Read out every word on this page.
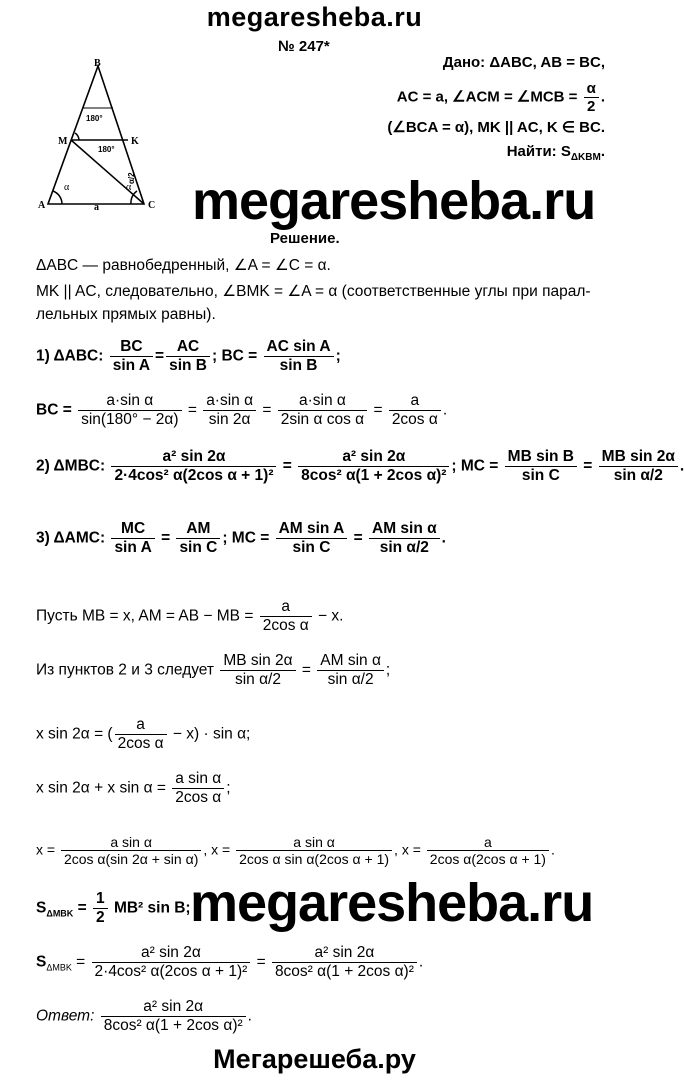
megaresheba.ru
№ 247*
Дано: ΔABC, AB = BC,
AC = a, ∠ACM = ∠MCB = $\frac{\alpha}{2}$ .
(∠BCA = α), MK || AC, K ∈ BC.
Найти: $S_{\Delta KBM}$.
B
M	K
A	C
a
α	α
180°
180°
α/2 megaresheba.ru
Решение.
ΔABC — равнобедренный, ∠A = ∠C = α.
MK || AC, следовательно, ∠BMK = ∠A = α (соответственные углы при парал-
лельных прямых равны).
1) ΔABC: $\frac{BC}{\text{sin A}} = \frac{AC}{\text{sin B}}$ ; BC = $\frac{\text{AC sin A}}{\text{sin B}}$ ;
BC = $\frac{\text{a·sin α}}{\sin(180^\circ - 2\alpha)} = \frac{\text{a·sin α}}{\sin 2\alpha} = \frac{\text{a·sin α}}{\text{2sin α cos α}} = \frac{a}{\text{2cos α}}$ .
2) ΔMBC: $\frac{\text{a² sin 2α}}{\text{2·4cos² α(2cos α + 1)²}} = \frac{\text{a² sin 2α}}{\text{8cos² α(1 + 2cos α)²}}$ ; MC = $\frac{\text{MB sin B}}{\text{sin C}} = \frac{\text{MB sin 2α}}{\text{sin α/2}}$ .
3) ΔAMC: $\frac{MC}{\text{sin A}} = \frac{AM}{\text{sin C}}$ ; MC = $\frac{\text{AM sin A}}{\text{sin C}} = \frac{\text{AM sin α}}{\text{sin α/2}}$ .
Пусть MB = x, AM = AB − MB = $\frac{a}{\text{2cos α}} - x$.
Из пунктов 2 и 3 следует $\frac{\text{MB sin 2α}}{\text{sin α/2}} = \frac{\text{AM sin α}}{\text{sin α/2}}$ ;
x sin 2α = ( $\frac{a}{\text{2cos α}} - x) \cdot \sin \alpha$;
x sin 2α + x $\sin \alpha = \frac{\text{a sin α}}{\text{2cos α}}$ ;
$x = \frac{\text{a sin α}}{\text{2cos α(sin 2α + sin α)}}$ , $x = \frac{\text{a sin α}}{\text{2cos α sin α(2cos α + 1)}}$ , $x = \frac{a}{\text{2cos α(2cos α + 1)}}$ .
$S_{\Delta MBK} = \frac{1}{2} MB^2$ sin B; megaresheba.ru
$S_{\Delta MBK} = \frac{\text{a² sin 2α}}{\text{2·4cos² α(2cos α + 1)²}} = \frac{\text{a² sin 2α}}{\text{8cos² α(1 + 2cos α)²}}$ .
Ответ: $\frac{\text{a² sin 2α}}{\text{8cos² α(1 + 2cos α)²}}$ .
Мегарешеба.ру
